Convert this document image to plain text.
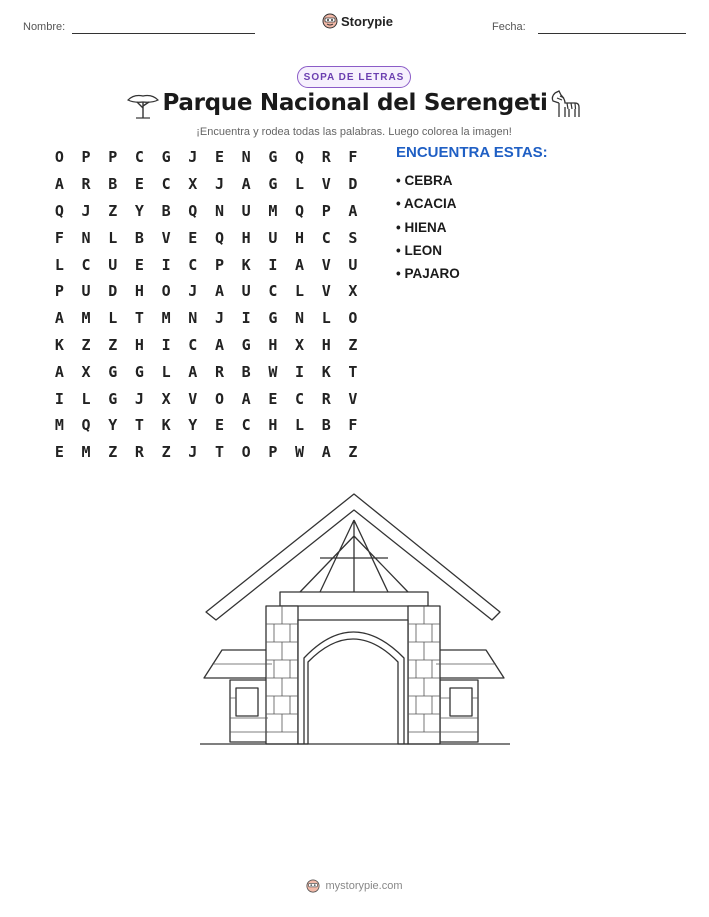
Nombre:	Storypie	Fecha:
SOPA DE LETRAS
Parque Nacional del Serengeti
¡Encuentra y rodea todas las palabras. Luego colorea la imagen!
O	P	P	C	G	J	E	N	G	Q	R	F
A	R	B	E	C	X	J	A	G	L	V	D
Q	J	Z	Y	B	Q	N	U	M	Q	P	A
F	N	L	B	V	E	Q	H	U	H	C	S
L	C	U	E	I	C	P	K	I	A	V	U
P	U	D	H	O	J	A	U	C	L	V	X
A	M	L	T	M	N	J	I	G	N	L	O
K	Z	Z	H	I	C	A	G	H	X	H	Z
A	X	G	G	L	A	R	B	W	I	K	T
I	L	G	J	X	V	O	A	E	C	R	V
M	Q	Y	T	K	Y	E	C	H	L	B	F
E	M	Z	R	Z	J	T	O	P	W	A	Z
ENCUENTRA ESTAS:
• CEBRA
• ACACIA
• HIENA
• LEON
• PAJARO
mystorypie.com
